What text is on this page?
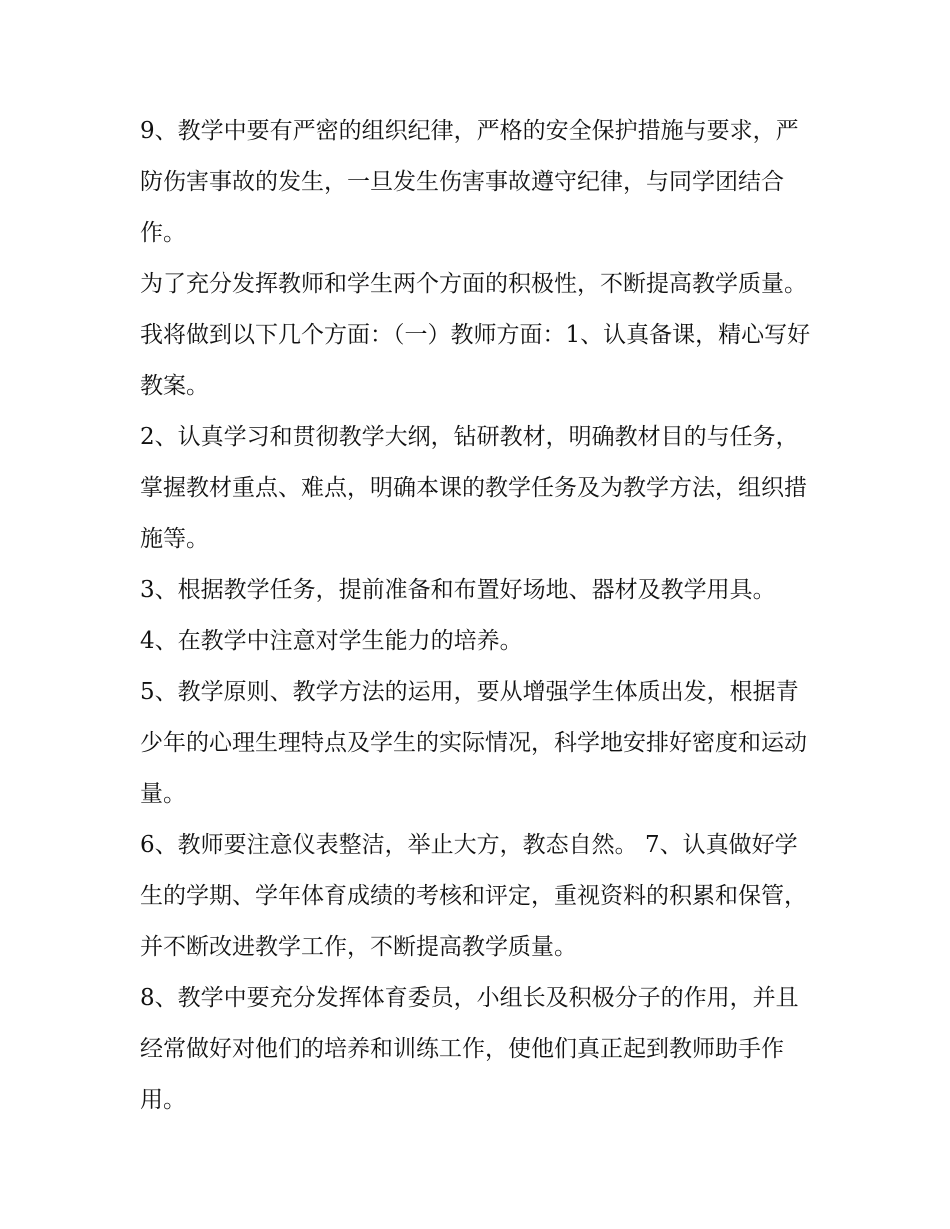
9、教学中要有严密的组织纪律，严格的安全保护措施与要求，严防伤害事故的发生，一旦发生伤害事故遵守纪律，与同学团结合作。

为了充分发挥教师和学生两个方面的积极性，不断提高教学质量。我将做到以下几个方面：（一）教师方面：1、认真备课，精心写好教案。

2、认真学习和贯彻教学大纲，钻研教材，明确教材目的与任务，掌握教材重点、难点，明确本课的教学任务及为教学方法，组织措施等。

3、根据教学任务，提前准备和布置好场地、器材及教学用具。 4、在教学中注意对学生能力的培养。

5、教学原则、教学方法的运用，要从增强学生体质出发，根据青少年的心理生理特点及学生的实际情况，科学地安排好密度和运动量。

6、教师要注意仪表整洁，举止大方，教态自然。 7、认真做好学生的学期、学年体育成绩的考核和评定，重视资料的积累和保管，并不断改进教学工作，不断提高教学质量。

8、教学中要充分发挥体育委员，小组长及积极分子的作用，并且经常做好对他们的培养和训练工作，使他们真正起到教师助手作用。
